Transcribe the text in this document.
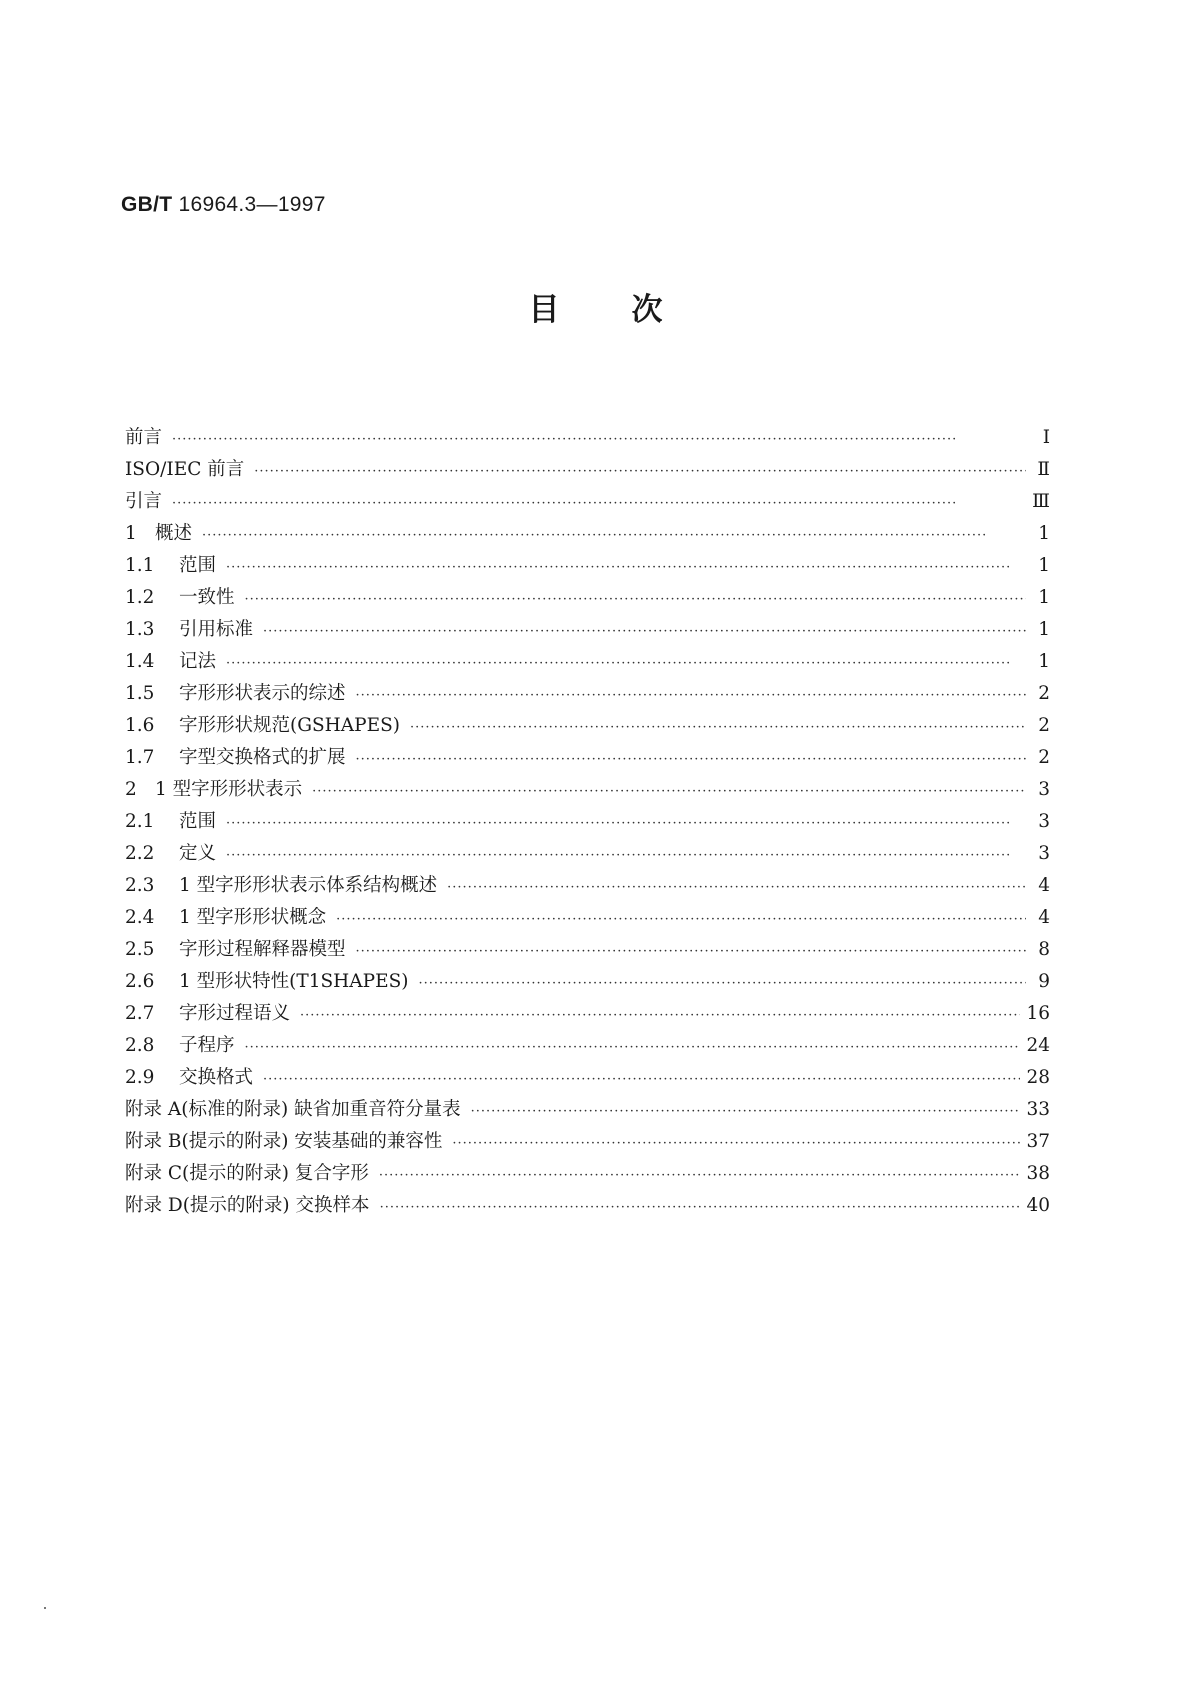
GB/T 16964.3—1997
目次
前言 ·····	I
ISO/IEC 前言 ·····	Ⅱ
引言 ·····	Ⅲ
1 概述 ·····	1
1.1 范围 ·····	1
1.2 一致性 ·····	1
1.3 引用标准 ·····	1
1.4 记法 ·····	1
1.5 字形形状表示的综述 ·····	2
1.6 字形形状规范(GSHAPES) ·····	2
1.7 字型交换格式的扩展 ·····	2
2 1 型字形形状表示 ·····	3
2.1 范围 ·····	3
2.2 定义 ·····	3
2.3 1 型字形形状表示体系结构概述 ·····	4
2.4 1 型字形形状概念 ·····	4
2.5 字形过程解释器模型 ·····	8
2.6 1 型形状特性(T1SHAPES) ·····	9
2.7 字形过程语义 ·····	16
2.8 子程序 ·····	24
2.9 交换格式 ·····	28
附录 A(标准的附录) 缺省加重音符分量表 ·····	33
附录 B(提示的附录) 安装基础的兼容性 ·····	37
附录 C(提示的附录) 复合字形 ·····	38
附录 D(提示的附录) 交换样本 ·····	40
